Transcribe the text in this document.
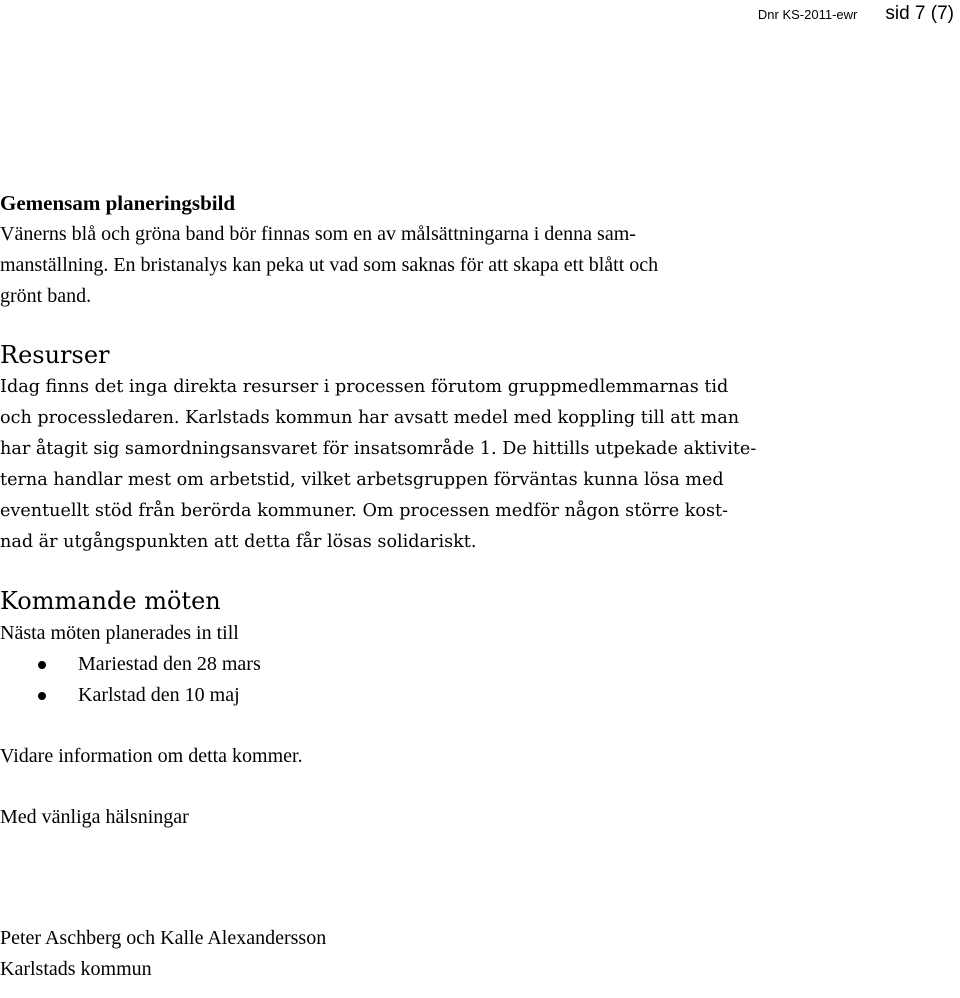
Dnr KS-2011-ewr sid 7 (7)
Gemensam planeringsbild

Vänerns blå och gröna band bör finnas som en av målsättningarna i denna sam-

manställning. En bristanalys kan peka ut vad som saknas för att skapa ett blått och

grönt band.

Resurser

Idag finns det inga direkta resurser i processen förutom gruppmedlemmarnas tid

och processledaren. Karlstads kommun har avsatt medel med koppling till att man

har åtagit sig samordningsansvaret för insatsområde 1. De hittills utpekade aktivite-

terna handlar mest om arbetstid, vilket arbetsgruppen förväntas kunna lösa med

eventuellt stöd från berörda kommuner. Om processen medför någon större kost-

nad är utgångspunkten att detta får lösas solidariskt.

Kommande möten

Nästa möten planerades in till

Mariestad den 28 mars
Karlstad den 10 maj

Vidare information om detta kommer.

Med vänliga hälsningar

Peter Aschberg och Kalle Alexandersson

Karlstads kommun
